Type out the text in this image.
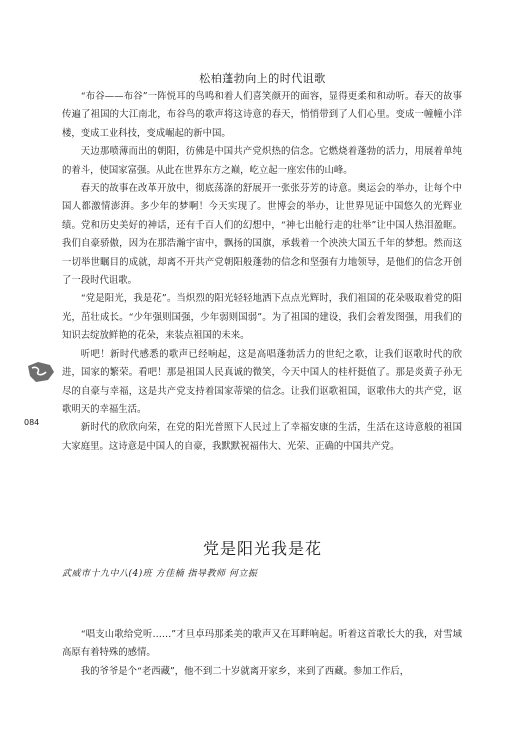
松柏蓬勃向上的时代诅歌

“布谷——布谷”一阵悦耳的鸟鸣和着人们喜笑颜开的面容，显得更柔和和动听。春天的故事传遍了祖国的大江南北，布谷鸟的歌声将这诗意的春天，悄悄带到了人们心里。变成一幢幢小洋楼，变成工业科技，变成崛起的新中国。

天边那喷薄而出的朝阳，彷佛是中国共产党炽热的信念。它燃烧着蓬勃的活力，用展着单纯的着斗，使国家富强。从此在世界东方之巅，屹立起一座宏伟的山峰。

春天的故事在改革开放中，彻底荡涤的舒展开一张张芬芳的诗意。奥运会的举办，让每个中国人都激情澎湃。多少年的梦啊！今天实现了。世博会的举办，让世界见证中国悠久的光辉业绩。党和历史美好的神话，还有千百人们的幻想中，“神七出舱行走的壮举”让中国人热泪盈眶。我们自豪骄傲，因为在那浩瀚宇宙中，飘扬的国旗，承载着一个泱泱大国五千年的梦想。然而这一切举世瞩目的成就，却离不开共产党朝阳般蓬勃的信念和坚强有力地领导，是他们的信念开创了一段时代诅歌。

“党是阳光，我是花”。当炽烈的阳光轻轻地洒下点点光辉时，我们祖国的花朵吸取着党的阳光，茁壮成长。“少年强则国强，少年弱则国弱”。为了祖国的建设，我们会着发图强，用我们的知识去绽放鲜艳的花朵，来装点祖国的未来。

听吧！新时代感悉的歌声已经响起，这是高唱蓬勃活力的世纪之歌，让我们讴歌时代的欣进，国家的繁荣。看吧！那是祖国人民真诚的微笑，今天中国人的桂杆挺值了。那是炎黄子孙无尽的自豪与幸福，这是共产党支持着国家蒂梁的信念。让我们讴歌祖国，讴歌伟大的共产党，讴歌明天的幸福生活。

新时代的欣欣向荣，在党的阳光普照下人民过上了幸福安康的生活，生活在这诗意般的祖国大家庭里。这诗意是中国人的自豪，我默默祝福伟大、光荣、正确的中国共产党。

084
党是阳光我是花
武威市十九中八(4)班 方佳楠 指导教师 何立振

“唱支山歌给党听……”才旦卓玛那柔美的歌声又在耳畔响起。听着这首歌长大的我，对雪域高原有着特殊的感情。

我的爷爷是个“老西藏”，他不到二十岁就离开家乡，来到了西藏。参加工作后，
